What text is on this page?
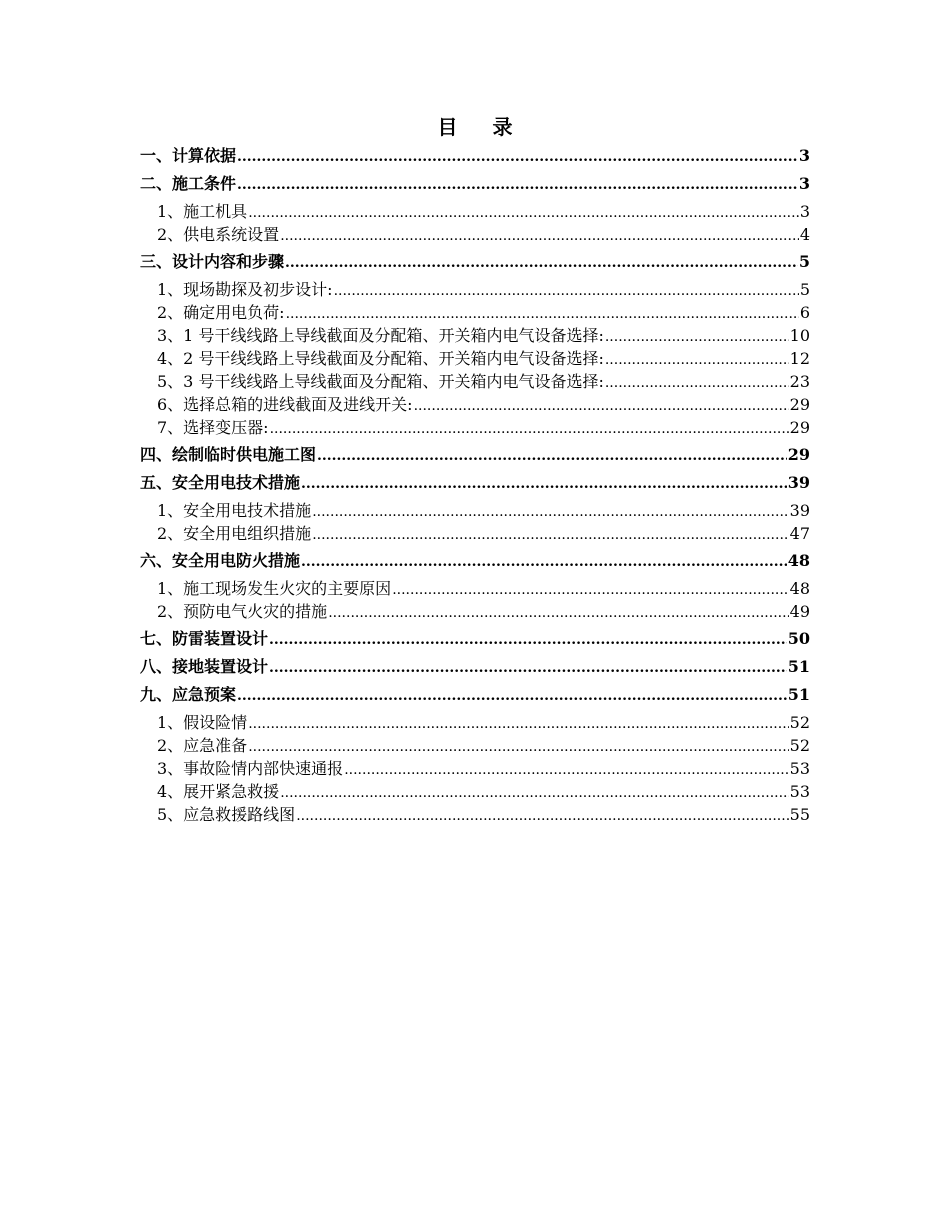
目 录
一、计算依据 .....	3
二、施工条件 .....	3
1、施工机具 .....	3
2、供电系统设置 .....	4
三、设计内容和步骤 .....	5
1、现场勘探及初步设计: .....	5
2、确定用电负荷: .....	6
3、1 号干线线路上导线截面及分配箱、开关箱内电气设备选择: .....	10
4、2 号干线线路上导线截面及分配箱、开关箱内电气设备选择: .....	12
5、3 号干线线路上导线截面及分配箱、开关箱内电气设备选择: .....	23
6、选择总箱的进线截面及进线开关: .....	29
7、选择变压器: .....	29
四、绘制临时供电施工图 .....	29
五、安全用电技术措施 .....	39
1、安全用电技术措施 .....	39
2、安全用电组织措施 .....	47
六、安全用电防火措施 .....	48
1、施工现场发生火灾的主要原因 .....	48
2、预防电气火灾的措施 .....	49
七、防雷装置设计 .....	50
八、接地装置设计 .....	51
九、应急预案 .....	51
1、假设险情 .....	52
2、应急准备 .....	52
3、事故险情内部快速通报 .....	53
4、展开紧急救援 .....	53
5、应急救援路线图 .....	55
